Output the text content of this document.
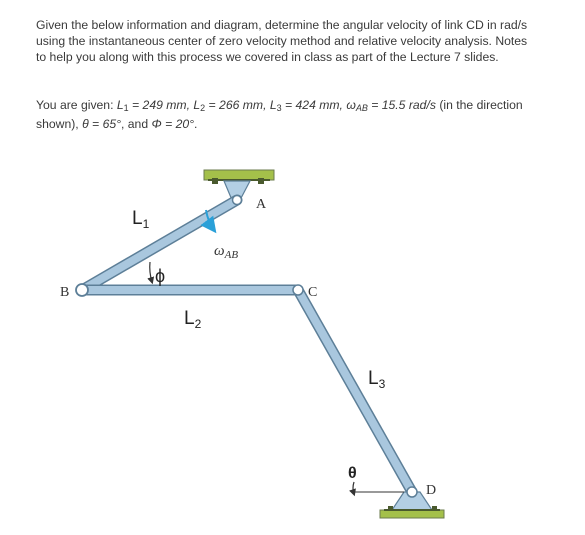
Given the below information and diagram, determine the angular velocity of link CD in rad/s using the instantaneous center of zero velocity method and relative velocity analysis. Notes to help you along with this process we covered in class as part of the Lecture 7 slides.

You are given: $L_1 = 249$ mm, $L_2 = 266$ mm, $L_3 = 424$ mm, $\omega_{AB} = 15.5$ rad/s (in the direction shown), θ = 65°, and Φ = 20°.

A
B	C
D
$L_1$
$L_2$
$L_3$
$\omega_{AB}$
ϕ
θ
